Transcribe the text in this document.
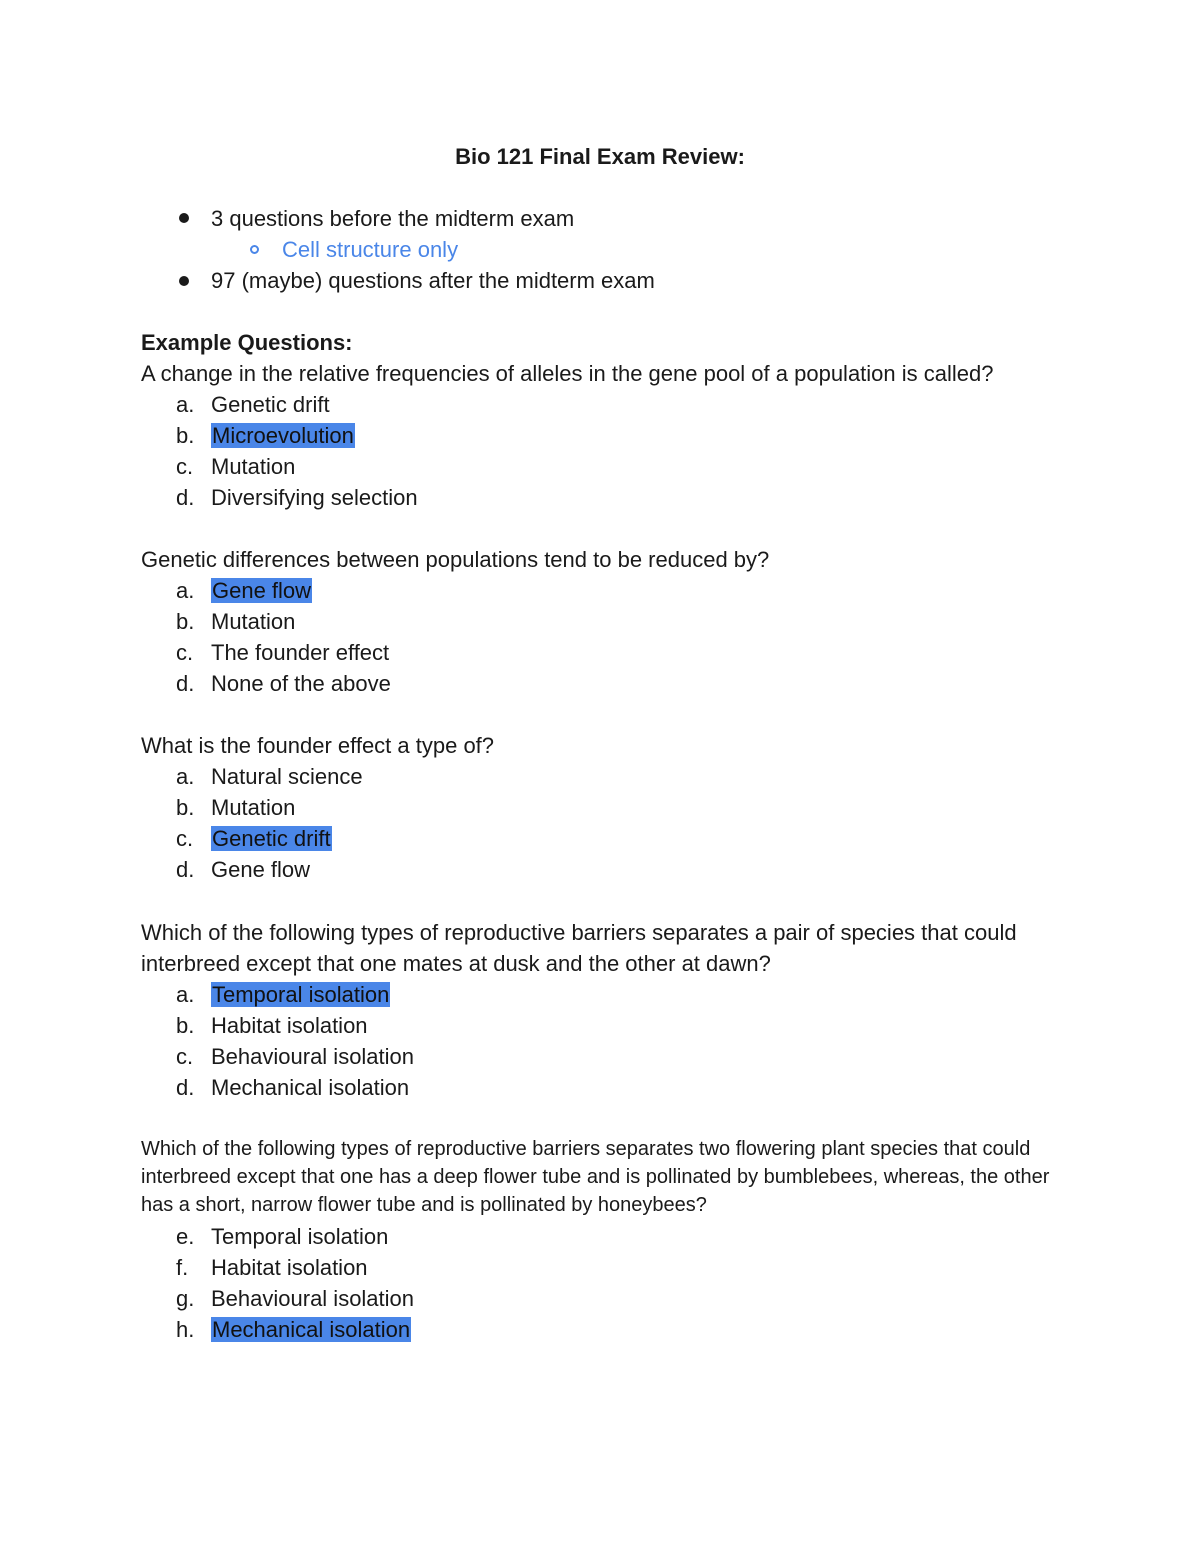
Bio 121 Final Exam Review:
3 questions before the midterm exam
Cell structure only
97 (maybe) questions after the midterm exam
Example Questions:
A change in the relative frequencies of alleles in the gene pool of a population is called?
a. Genetic drift
b. Microevolution
c. Mutation
d. Diversifying selection
Genetic differences between populations tend to be reduced by?
a. Gene flow
b. Mutation
c. The founder effect
d. None of the above
What is the founder effect a type of?
a. Natural science
b. Mutation
c. Genetic drift
d. Gene flow
Which of the following types of reproductive barriers separates a pair of species that could interbreed except that one mates at dusk and the other at dawn?
a. Temporal isolation
b. Habitat isolation
c. Behavioural isolation
d. Mechanical isolation
Which of the following types of reproductive barriers separates two flowering plant species that could interbreed except that one has a deep flower tube and is pollinated by bumblebees, whereas, the other has a short, narrow flower tube and is pollinated by honeybees?
e. Temporal isolation
f. Habitat isolation
g. Behavioural isolation
h. Mechanical isolation
